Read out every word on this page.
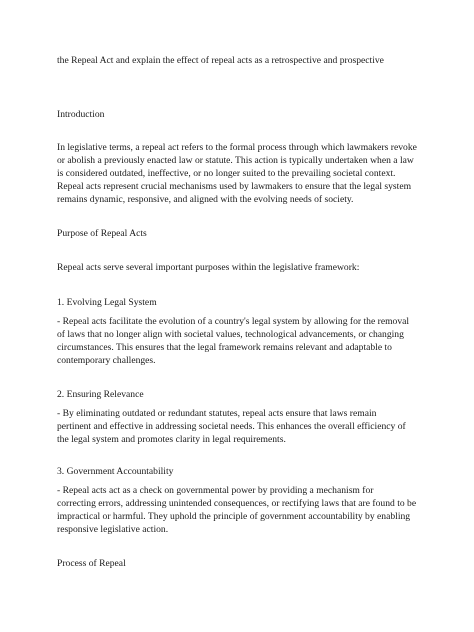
the Repeal Act and explain the effect of repeal acts as a retrospective and prospective

Introduction

In legislative terms, a repeal act refers to the formal process through which lawmakers revoke
or abolish a previously enacted law or statute. This action is typically undertaken when a law
is considered outdated, ineffective, or no longer suited to the prevailing societal context.
Repeal acts represent crucial mechanisms used by lawmakers to ensure that the legal system
remains dynamic, responsive, and aligned with the evolving needs of society.

Purpose of Repeal Acts

Repeal acts serve several important purposes within the legislative framework:

1. Evolving Legal System

- Repeal acts facilitate the evolution of a country's legal system by allowing for the removal
of laws that no longer align with societal values, technological advancements, or changing
circumstances. This ensures that the legal framework remains relevant and adaptable to
contemporary challenges.

2. Ensuring Relevance

- By eliminating outdated or redundant statutes, repeal acts ensure that laws remain
pertinent and effective in addressing societal needs. This enhances the overall efficiency of
the legal system and promotes clarity in legal requirements.

3. Government Accountability

- Repeal acts act as a check on governmental power by providing a mechanism for
correcting errors, addressing unintended consequences, or rectifying laws that are found to be
impractical or harmful. They uphold the principle of government accountability by enabling
responsive legislative action.

Process of Repeal
